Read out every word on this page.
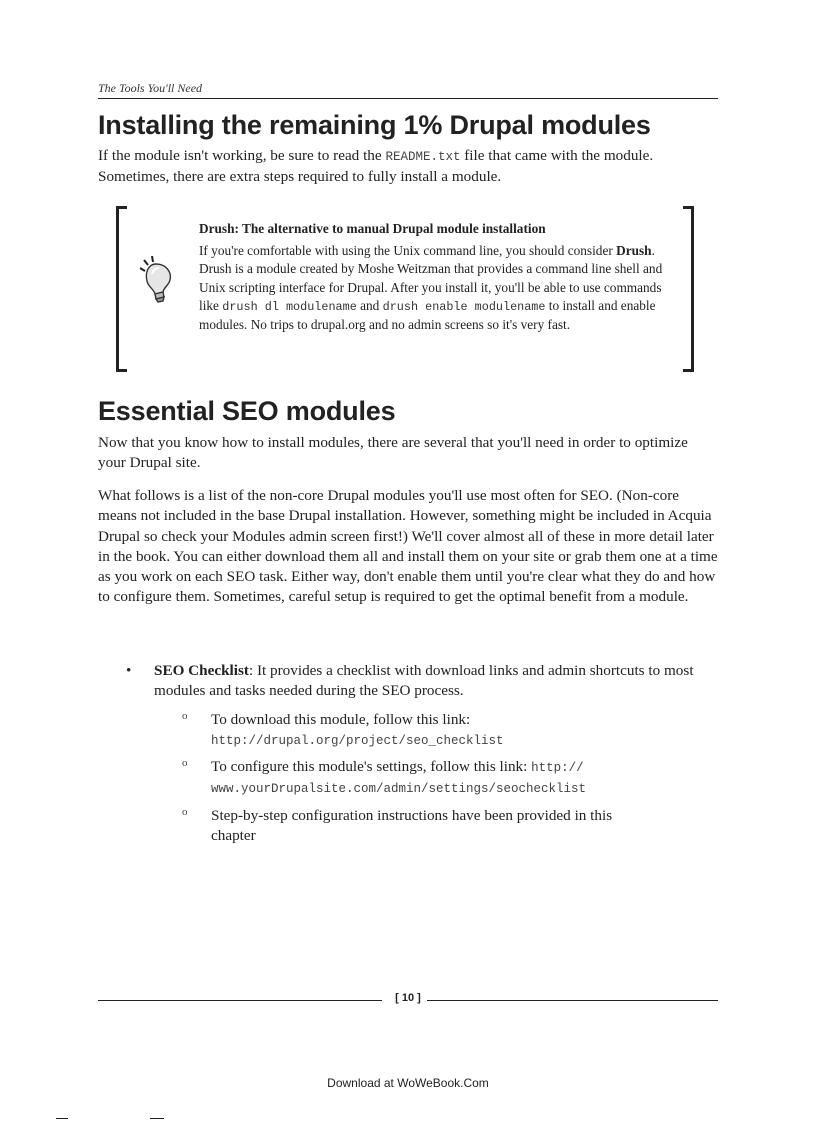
The Tools You'll Need
Installing the remaining 1% Drupal modules

If the module isn't working, be sure to read the README.txt file that came with the module. Sometimes, there are extra steps required to fully install a module.

Drush: The alternative to manual Drupal module installation
If you're comfortable with using the Unix command line, you should consider Drush. Drush is a module created by Moshe Weitzman that provides a command line shell and Unix scripting interface for Drupal. After you install it, you'll be able to use commands like drush dl modulename and drush enable modulename to install and enable modules. No trips to drupal.org and no admin screens so it's very fast.
Essential SEO modules

Now that you know how to install modules, there are several that you'll need in order to optimize your Drupal site.

What follows is a list of the non-core Drupal modules you'll use most often for SEO. (Non-core means not included in the base Drupal installation. However, something might be included in Acquia Drupal so check your Modules admin screen first!) We'll cover almost all of these in more detail later in the book. You can either download them all and install them on your site or grab them one at a time as you work on each SEO task. Either way, don't enable them until you're clear what they do and how to configure them. Sometimes, careful setup is required to get the optimal benefit from a module.

• SEO Checklist: It provides a checklist with download links and admin shortcuts to most modules and tasks needed during the SEO process.
o To download this module, follow this link:
http://drupal.org/project/seo_checklist
o To configure this module's settings, follow this link: http://
www.yourDrupalsite.com/admin/settings/seochecklist
o Step-by-step configuration instructions have been provided in this chapter
[ 10 ]
Download at WoWeBook.Com
